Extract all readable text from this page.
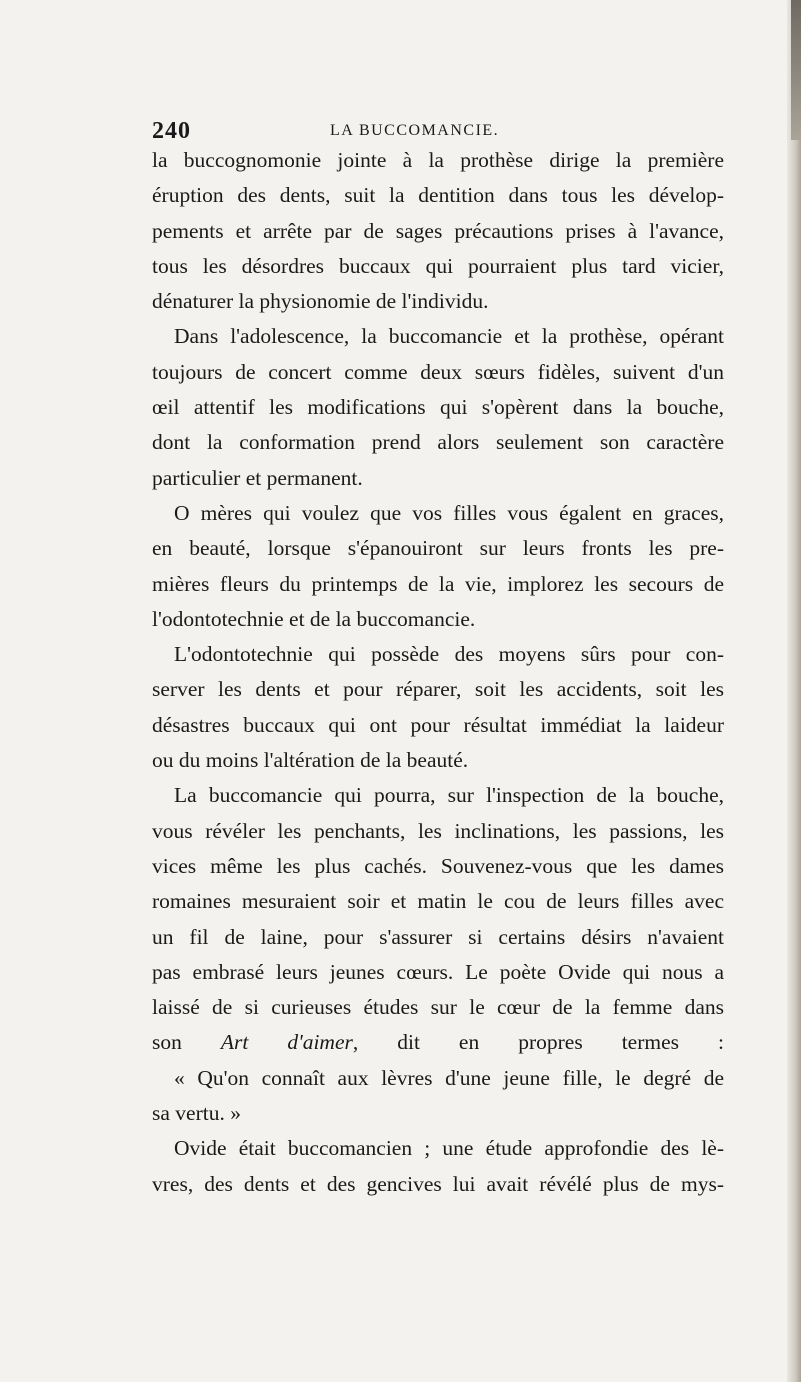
240	LA BUCCOMANCIE.
la buccognomonie jointe à la prothèse dirige la première
éruption des dents, suit la dentition dans tous les dévelop-
pements et arrête par de sages précautions prises à l'avance,
tous les désordres buccaux qui pourraient plus tard vicier,
dénaturer la physionomie de l'individu.
Dans l'adolescence, la buccomancie et la prothèse, opérant
toujours de concert comme deux sœurs fidèles, suivent d'un
œil attentif les modifications qui s'opèrent dans la bouche,
dont la conformation prend alors seulement son caractère
particulier et permanent.
O mères qui voulez que vos filles vous égalent en graces,
en beauté, lorsque s'épanouiront sur leurs fronts les pre-
mières fleurs du printemps de la vie, implorez les secours de
l'odontotechnie et de la buccomancie.
L'odontotechnie qui possède des moyens sûrs pour con-
server les dents et pour réparer, soit les accidents, soit les
désastres buccaux qui ont pour résultat immédiat la laideur
ou du moins l'altération de la beauté.
La buccomancie qui pourra, sur l'inspection de la bouche,
vous révéler les penchants, les inclinations, les passions, les
vices même les plus cachés. Souvenez-vous que les dames
romaines mesuraient soir et matin le cou de leurs filles avec
un fil de laine, pour s'assurer si certains désirs n'avaient
pas embrasé leurs jeunes cœurs. Le poète Ovide qui nous a
laissé de si curieuses études sur le cœur de la femme dans
son Art d'aimer, dit en propres termes :
« Qu'on connaît aux lèvres d'une jeune fille, le degré de
sa vertu. »
Ovide était buccomancien ; une étude approfondie des lè-
vres, des dents et des gencives lui avait révélé plus de mys-
